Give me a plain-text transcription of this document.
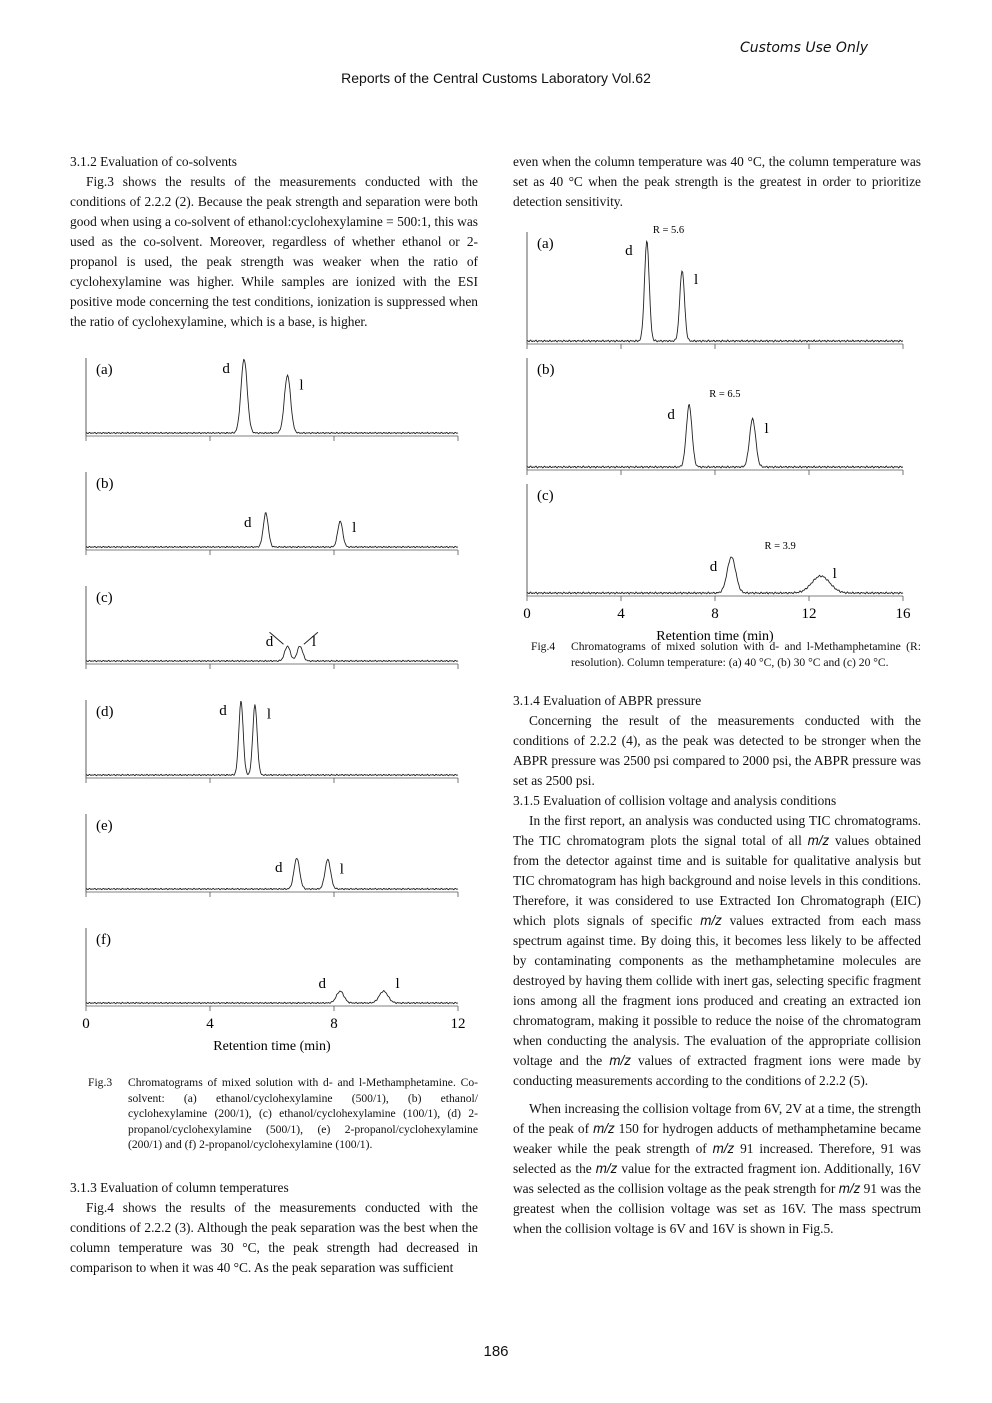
Customs Use Only
Reports of the Central Customs Laboratory Vol.62

3.1.2 Evaluation of co-solvents

Fig.3 shows the results of the measurements conducted with the conditions of 2.2.2 (2). Because the peak strength and separation were both good when using a co-solvent of ethanol:cyclohexylamine = 500:1, this was used as the co-solvent. Moreover, regardless of whether ethanol or 2-propanol is used, the peak strength was weaker when the ratio of cyclohexylamine was higher. While samples are ionized with the ESI positive mode concerning the test conditions, ionization is suppressed when the ratio of cyclohexylamine, which is a base, is higher.

(a)	d
l
(b)
d	l
(c)
d	l
(d)	d	l
(e)
d	l
(f)
d	l
0	4	8	12
Retention time (min)
Fig.3	Chromatograms of mixed solution with d- and l-Methamphetamine. Co-solvent: (a) ethanol/cyclohexylamine (500/1), (b) ethanol/ cyclohexylamine (200/1), (c) ethanol/cyclohexylamine (100/1), (d) 2-propanol/cyclohexylamine (500/1), (e) 2-propanol/cyclohexylamine (200/1) and (f) 2-propanol/cyclohexylamine (100/1).

3.1.3 Evaluation of column temperatures

Fig.4 shows the results of the measurements conducted with the conditions of 2.2.2 (3). Although the peak separation was the best when the column temperature was 30 °C, the peak strength had decreased in comparison to when it was 40 °C. As the peak separation was sufficient

even when the column temperature was 40 °C, the column temperature was set as 40 °C when the peak strength is the greatest in order to prioritize detection sensitivity.

(a)	d
l
R = 5.6
(b)
d
l
R = 6.5
(c)
d	l
R = 3.9
0	4	8	12	16
Retention time (min)
Fig.4	Chromatograms of mixed solution with d- and l-Methamphetamine (R: resolution). Column temperature: (a) 40 °C, (b) 30 °C and (c) 20 °C.

3.1.4 Evaluation of ABPR pressure

Concerning the result of the measurements conducted with the conditions of 2.2.2 (4), as the peak was detected to be stronger when the ABPR pressure was 2500 psi compared to 2000 psi, the ABPR pressure was set as 2500 psi.

3.1.5 Evaluation of collision voltage and analysis conditions

In the first report, an analysis was conducted using TIC chromatograms. The TIC chromatogram plots the signal total of all m/z values obtained from the detector against time and is suitable for qualitative analysis but TIC chromatogram has high background and noise levels in this conditions. Therefore, it was considered to use Extracted Ion Chromatograph (EIC) which plots signals of specific m/z values extracted from each mass spectrum against time. By doing this, it becomes less likely to be affected by contaminating components as the methamphetamine molecules are destroyed by having them collide with inert gas, selecting specific fragment ions among all the fragment ions produced and creating an extracted ion chromatogram, making it possible to reduce the noise of the chromatogram when conducting the analysis. The evaluation of the appropriate collision voltage and the m/z values of extracted fragment ions were made by conducting measurements according to the conditions of 2.2.2 (5).

When increasing the collision voltage from 6V, 2V at a time, the strength of the peak of m/z 150 for hydrogen adducts of methamphetamine became weaker while the peak strength of m/z 91 increased. Therefore, 91 was selected as the m/z value for the extracted fragment ion. Additionally, 16V was selected as the collision voltage as the peak strength for m/z 91 was the greatest when the collision voltage was set as 16V. The mass spectrum when the collision voltage is 6V and 16V is shown in Fig.5.

186
